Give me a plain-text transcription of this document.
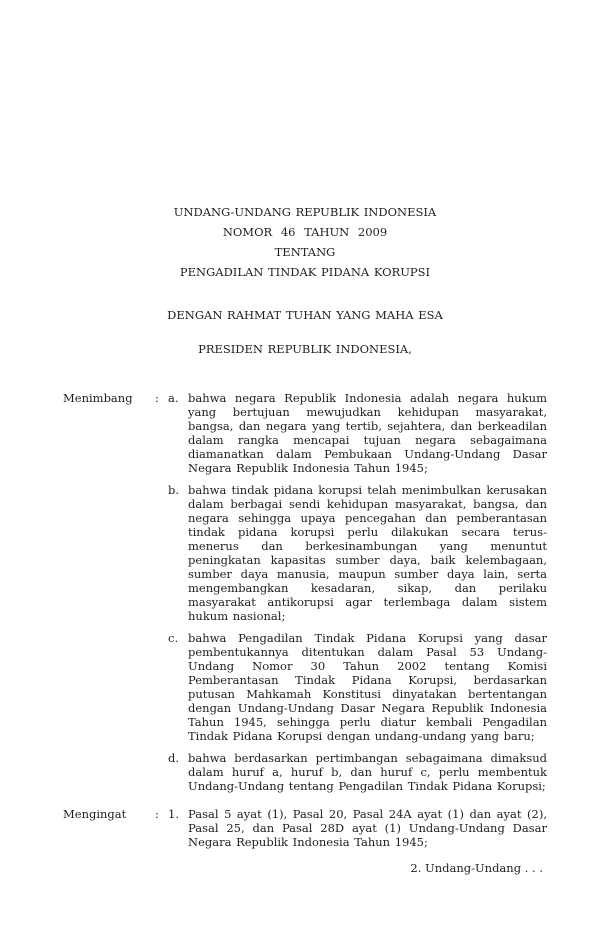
UNDANG-UNDANG REPUBLIK INDONESIA
NOMOR 46 TAHUN 2009
TENTANG
PENGADILAN TINDAK PIDANA KORUPSI
DENGAN RAHMAT TUHAN YANG MAHA ESA
PRESIDEN REPUBLIK INDONESIA,
Menimbang	: a. bahwa negara Republik Indonesia adalah negara hukum yang bertujuan mewujudkan kehidupan masyarakat, bangsa, dan negara yang tertib, sejahtera, dan berkeadilan dalam rangka mencapai tujuan negara sebagaimana diamanatkan dalam Pembukaan Undang-Undang Dasar Negara Republik Indonesia Tahun 1945;
b. bahwa tindak pidana korupsi telah menimbulkan kerusakan dalam berbagai sendi kehidupan masyarakat, bangsa, dan negara sehingga upaya pencegahan dan pemberantasan tindak pidana korupsi perlu dilakukan secara terus-menerus dan berkesinambungan yang menuntut peningkatan kapasitas sumber daya, baik kelembagaan, sumber daya manusia, maupun sumber daya lain, serta mengembangkan kesadaran, sikap, dan perilaku masyarakat antikorupsi agar terlembaga dalam sistem hukum nasional;
c. bahwa Pengadilan Tindak Pidana Korupsi yang dasar pembentukannya ditentukan dalam Pasal 53 Undang-Undang Nomor 30 Tahun 2002 tentang Komisi Pemberantasan Tindak Pidana Korupsi, berdasarkan putusan Mahkamah Konstitusi dinyatakan bertentangan dengan Undang-Undang Dasar Negara Republik Indonesia Tahun 1945, sehingga perlu diatur kembali Pengadilan Tindak Pidana Korupsi dengan undang-undang yang baru;
d. bahwa berdasarkan pertimbangan sebagaimana dimaksud dalam huruf a, huruf b, dan huruf c, perlu membentuk Undang-Undang tentang Pengadilan Tindak Pidana Korupsi;
Mengingat	: 1. Pasal 5 ayat (1), Pasal 20, Pasal 24A ayat (1) dan ayat (2), Pasal 25, dan Pasal 28D ayat (1) Undang-Undang Dasar Negara Republik Indonesia Tahun 1945;
2. Undang-Undang . . .
